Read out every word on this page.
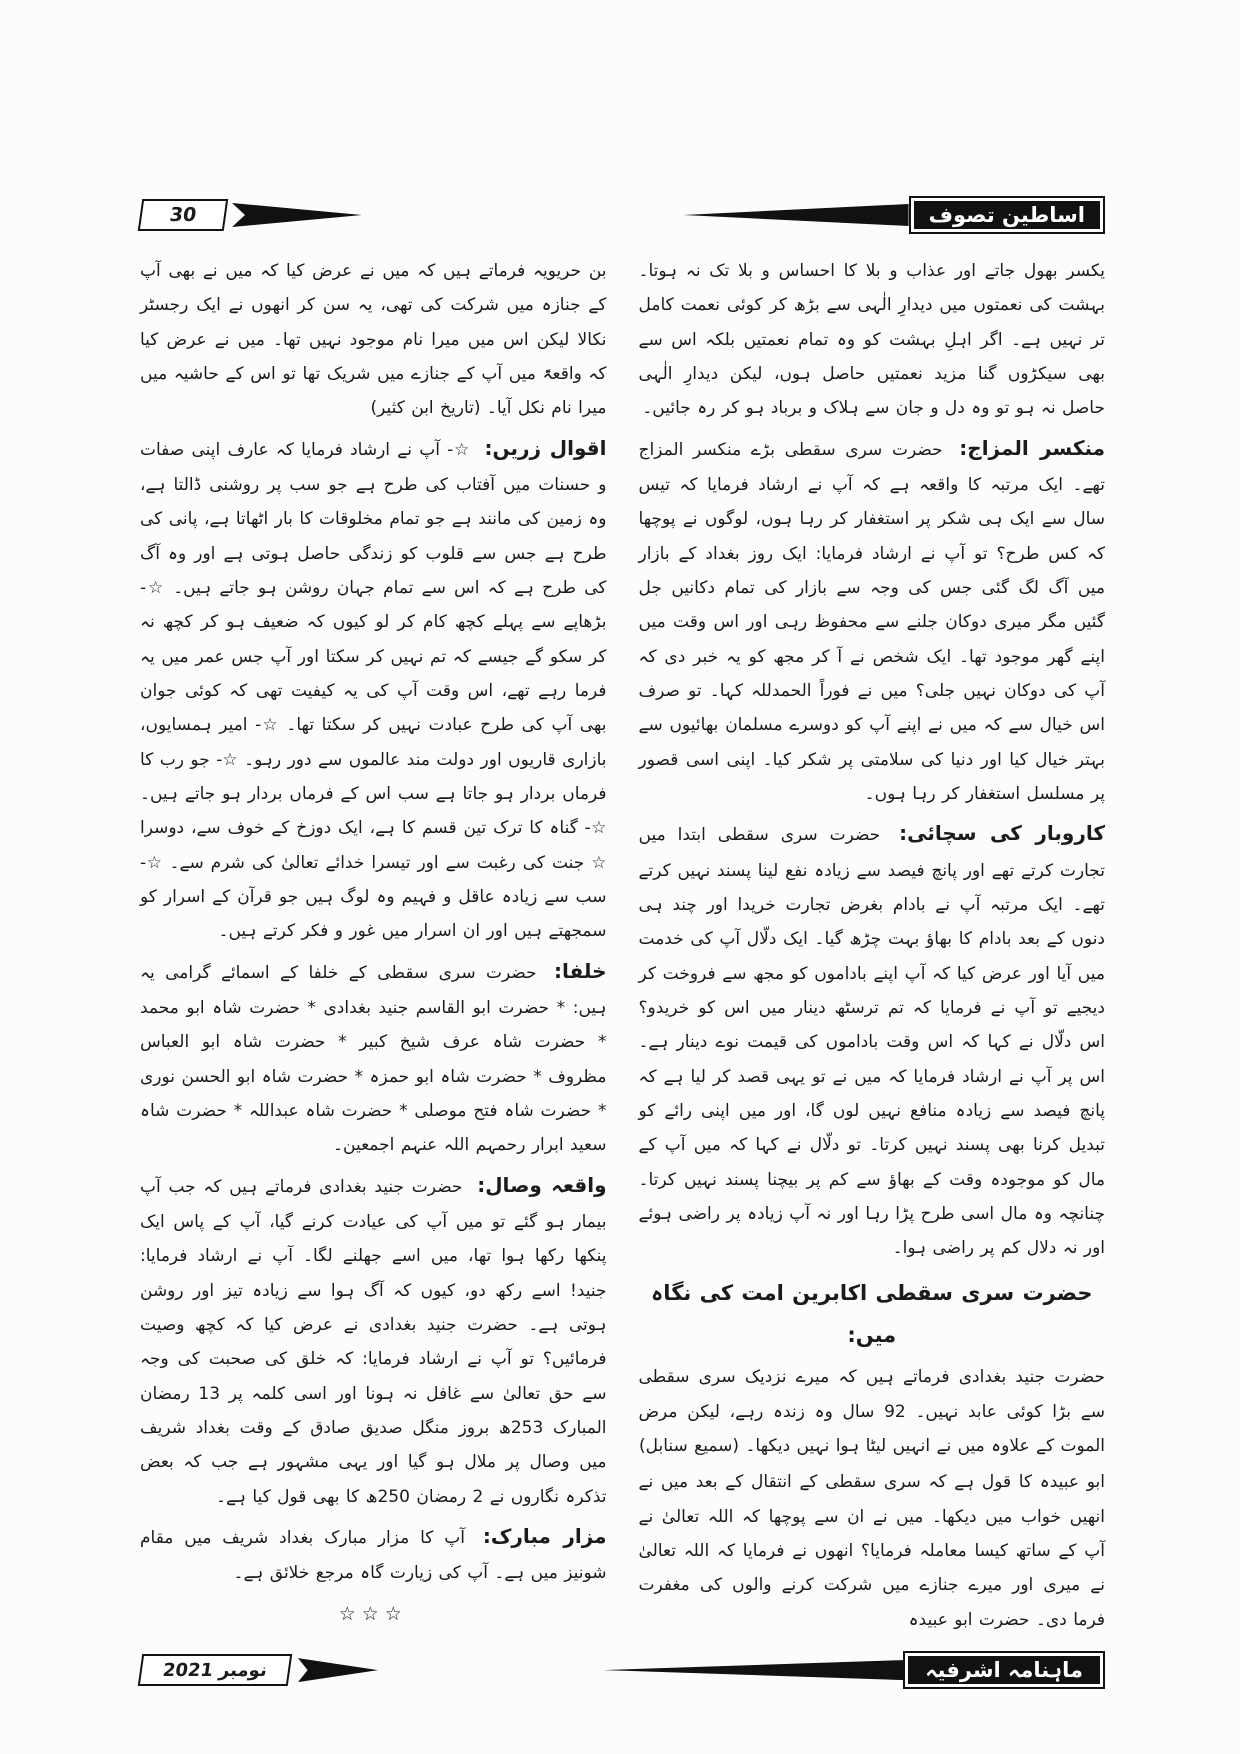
30	اساطین تصوف

یکسر بھول جاتے اور عذاب و بلا کا احساس و بلا تک نہ ہوتا۔ بہشت کی نعمتوں میں دیدارِ الٰہی سے بڑھ کر کوئی نعمت کامل تر نہیں ہے۔ اگر اہلِ بہشت کو وہ تمام نعمتیں بلکہ اس سے بھی سیکڑوں گنا مزید نعمتیں حاصل ہوں، لیکن دیدارِ الٰہی حاصل نہ ہو تو وہ دل و جان سے ہلاک و برباد ہو کر رہ جائیں۔

منکسر المزاج: حضرت سری سقطی بڑے منکسر المزاج تھے۔ ایک مرتبہ کا واقعہ ہے کہ آپ نے ارشاد فرمایا کہ تیس سال سے ایک ہی شکر پر استغفار کر رہا ہوں، لوگوں نے پوچھا کہ کس طرح؟ تو آپ نے ارشاد فرمایا: ایک روز بغداد کے بازار میں آگ لگ گئی جس کی وجہ سے بازار کی تمام دکانیں جل گئیں مگر میری دوکان جلنے سے محفوظ رہی اور اس وقت میں اپنے گھر موجود تھا۔ ایک شخص نے آ کر مجھ کو یہ خبر دی کہ آپ کی دوکان نہیں جلی؟ میں نے فوراً الحمدللہ کہا۔ تو صرف اس خیال سے کہ میں نے اپنے آپ کو دوسرے مسلمان بھائیوں سے بہتر خیال کیا اور دنیا کی سلامتی پر شکر کیا۔ اپنی اسی قصور پر مسلسل استغفار کر رہا ہوں۔

کاروبار کی سچائی: حضرت سری سقطی ابتدا میں تجارت کرتے تھے اور پانچ فیصد سے زیادہ نفع لینا پسند نہیں کرتے تھے۔ ایک مرتبہ آپ نے بادام بغرض تجارت خریدا اور چند ہی دنوں کے بعد بادام کا بھاؤ بہت چڑھ گیا۔ ایک دلّال آپ کی خدمت میں آیا اور عرض کیا کہ آپ اپنے باداموں کو مجھ سے فروخت کر دیجیے تو آپ نے فرمایا کہ تم ترسٹھ دینار میں اس کو خریدو؟ اس دلّال نے کہا کہ اس وقت باداموں کی قیمت نوے دینار ہے۔ اس پر آپ نے ارشاد فرمایا کہ میں نے تو یہی قصد کر لیا ہے کہ پانچ فیصد سے زیادہ منافع نہیں لوں گا، اور میں اپنی رائے کو تبدیل کرنا بھی پسند نہیں کرتا۔ تو دلّال نے کہا کہ میں آپ کے مال کو موجودہ وقت کے بھاؤ سے کم پر بیچنا پسند نہیں کرتا۔ چنانچہ وہ مال اسی طرح پڑا رہا اور نہ آپ زیادہ پر راضی ہوئے اور نہ دلال کم پر راضی ہوا۔

حضرت سری سقطی اکابرین امت کی نگاہ میں:

حضرت جنید بغدادی فرماتے ہیں کہ میرے نزدیک سری سقطی سے بڑا کوئی عابد نہیں۔ 92 سال وہ زندہ رہے، لیکن مرض الموت کے علاوہ میں نے انہیں لیٹا ہوا نہیں دیکھا۔ (سمیع سنابل)

ابو عبیدہ کا قول ہے کہ سری سقطی کے انتقال کے بعد میں نے انھیں خواب میں دیکھا۔ میں نے ان سے پوچھا کہ اللہ تعالیٰ نے آپ کے ساتھ کیسا معاملہ فرمایا؟ انھوں نے فرمایا کہ اللہ تعالیٰ نے میری اور میرے جنازے میں شرکت کرنے والوں کی مغفرت فرما دی۔ حضرت ابو عبیدہ

بن حریویہ فرماتے ہیں کہ میں نے عرض کیا کہ میں نے بھی آپ کے جنازہ میں شرکت کی تھی، یہ سن کر انھوں نے ایک رجسٹر نکالا لیکن اس میں میرا نام موجود نہیں تھا۔ میں نے عرض کیا کہ واقعۃً میں آپ کے جنازے میں شریک تھا تو اس کے حاشیہ میں میرا نام نکل آیا۔ (تاریخ ابن کثیر)

اقوال زریں: ☆- آپ نے ارشاد فرمایا کہ عارف اپنی صفات و حسنات میں آفتاب کی طرح ہے جو سب پر روشنی ڈالتا ہے، وہ زمین کی مانند ہے جو تمام مخلوقات کا بار اٹھاتا ہے، پانی کی طرح ہے جس سے قلوب کو زندگی حاصل ہوتی ہے اور وہ آگ کی طرح ہے کہ اس سے تمام جہان روشن ہو جاتے ہیں۔ ☆- بڑھاپے سے پہلے کچھ کام کر لو کیوں کہ ضعیف ہو کر کچھ نہ کر سکو گے جیسے کہ تم نہیں کر سکتا اور آپ جس عمر میں یہ فرما رہے تھے، اس وقت آپ کی یہ کیفیت تھی کہ کوئی جوان بھی آپ کی طرح عبادت نہیں کر سکتا تھا۔ ☆- امیر ہمسایوں، بازاری قاریوں اور دولت مند عالموں سے دور رہو۔ ☆- جو رب کا فرماں بردار ہو جاتا ہے سب اس کے فرماں بردار ہو جاتے ہیں۔ ☆- گناہ کا ترک تین قسم کا ہے، ایک دوزخ کے خوف سے، دوسرا ☆ جنت کی رغبت سے اور تیسرا خدائے تعالیٰ کی شرم سے۔ ☆- سب سے زیادہ عاقل و فہیم وہ لوگ ہیں جو قرآن کے اسرار کو سمجھتے ہیں اور ان اسرار میں غور و فکر کرتے ہیں۔

خلفا: حضرت سری سقطی کے خلفا کے اسمائے گرامی یہ ہیں: * حضرت ابو القاسم جنید بغدادی * حضرت شاہ ابو محمد * حضرت شاہ عرف شیخ کبیر * حضرت شاہ ابو العباس مظروف * حضرت شاہ ابو حمزہ * حضرت شاہ ابو الحسن نوری * حضرت شاہ فتح موصلی * حضرت شاہ عبداللہ * حضرت شاہ سعید ابرار رحمہم اللہ عنہم اجمعین۔

واقعہ وصال: حضرت جنید بغدادی فرماتے ہیں کہ جب آپ بیمار ہو گئے تو میں آپ کی عیادت کرنے گیا، آپ کے پاس ایک پنکھا رکھا ہوا تھا، میں اسے جھلنے لگا۔ آپ نے ارشاد فرمایا: جنید! اسے رکھ دو، کیوں کہ آگ ہوا سے زیادہ تیز اور روشن ہوتی ہے۔ حضرت جنید بغدادی نے عرض کیا کہ کچھ وصیت فرمائیں؟ تو آپ نے ارشاد فرمایا: کہ خلق کی صحبت کی وجہ سے حق تعالیٰ سے غافل نہ ہونا اور اسی کلمہ پر 13 رمضان المبارک 253ھ بروز منگل صدیق صادق کے وقت بغداد شریف میں وصال پر ملال ہو گیا اور یہی مشہور ہے جب کہ بعض تذکرہ نگاروں نے 2 رمضان 250ھ کا بھی قول کیا ہے۔

مزار مبارک: آپ کا مزار مبارک بغداد شریف میں مقام شونیز میں ہے۔ آپ کی زیارت گاہ مرجع خلائق ہے۔

☆☆☆

نومبر 2021	ماہنامہ اشرفیہ
